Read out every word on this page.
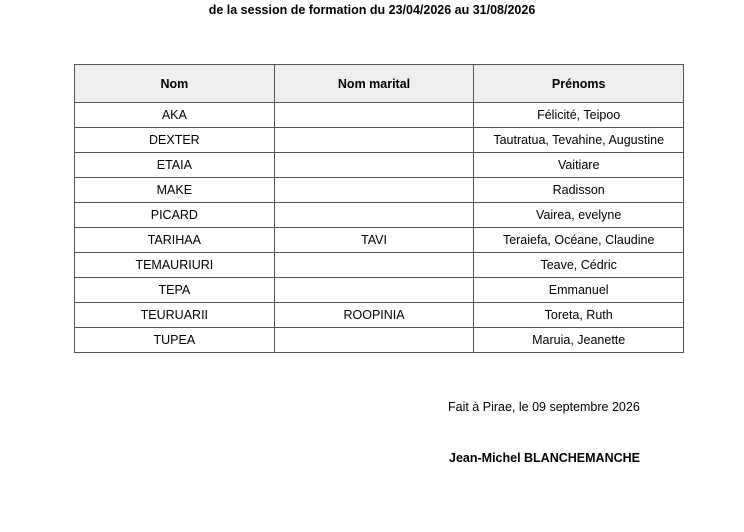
de la session de formation du 23/04/2026 au 31/08/2026
Nom	Nom marital	Prénoms
AKA		Félicité, Teipoo
DEXTER		Tautratua, Tevahine, Augustine
ETAIA		Vaitiare
MAKE		Radisson
PICARD		Vairea, evelyne
TARIHAA	TAVI	Teraiefa, Océane, Claudine
TEMAURIURI		Teave, Cédric
TEPA		Emmanuel
TEURUARII	ROOPINIA	Toreta, Ruth
TUPEA		Maruia, Jeanette
Fait à Pirae, le 09 septembre 2026
Jean-Michel BLANCHEMANCHE
